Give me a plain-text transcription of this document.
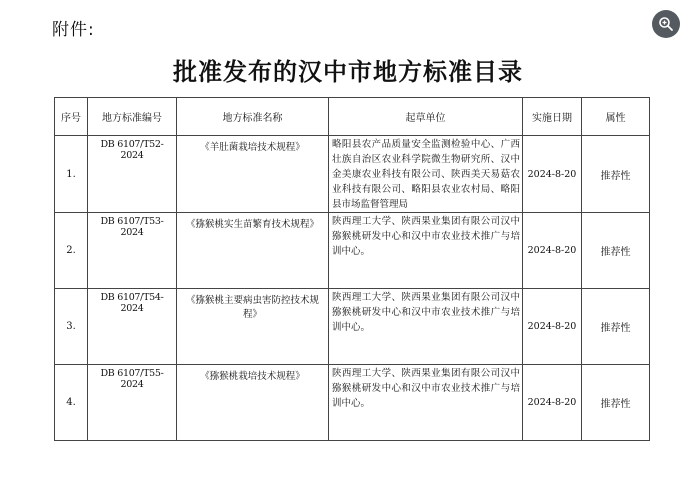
附件:
批准发布的汉中市地方标准目录
序号	地方标准编号	地方标准名称	起草单位	实施日期	属性
1.	DB 6107/T52-2024	《羊肚菌栽培技术规程》	略阳县农产品质量安全监测检验中心、广西壮族自治区农业科学院微生物研究所、汉中金美康农业科技有限公司、陕西美天易菇农业科技有限公司、略阳县农业农村局、略阳县市场监督管理局	2024-8-20	推荐性
2.	DB 6107/T53-2024	《猕猴桃实生苗繁育技术规程》	陕西理工大学、陕西果业集团有限公司汉中猕猴桃研发中心和汉中市农业技术推广与培训中心。	2024-8-20	推荐性
3.	DB 6107/T54-2024	《猕猴桃主要病虫害防控技术规程》	陕西理工大学、陕西果业集团有限公司汉中猕猴桃研发中心和汉中市农业技术推广与培训中心。	2024-8-20	推荐性
4.	DB 6107/T55-2024	《猕猴桃栽培技术规程》	陕西理工大学、陕西果业集团有限公司汉中猕猴桃研发中心和汉中市农业技术推广与培训中心。	2024-8-20	推荐性
